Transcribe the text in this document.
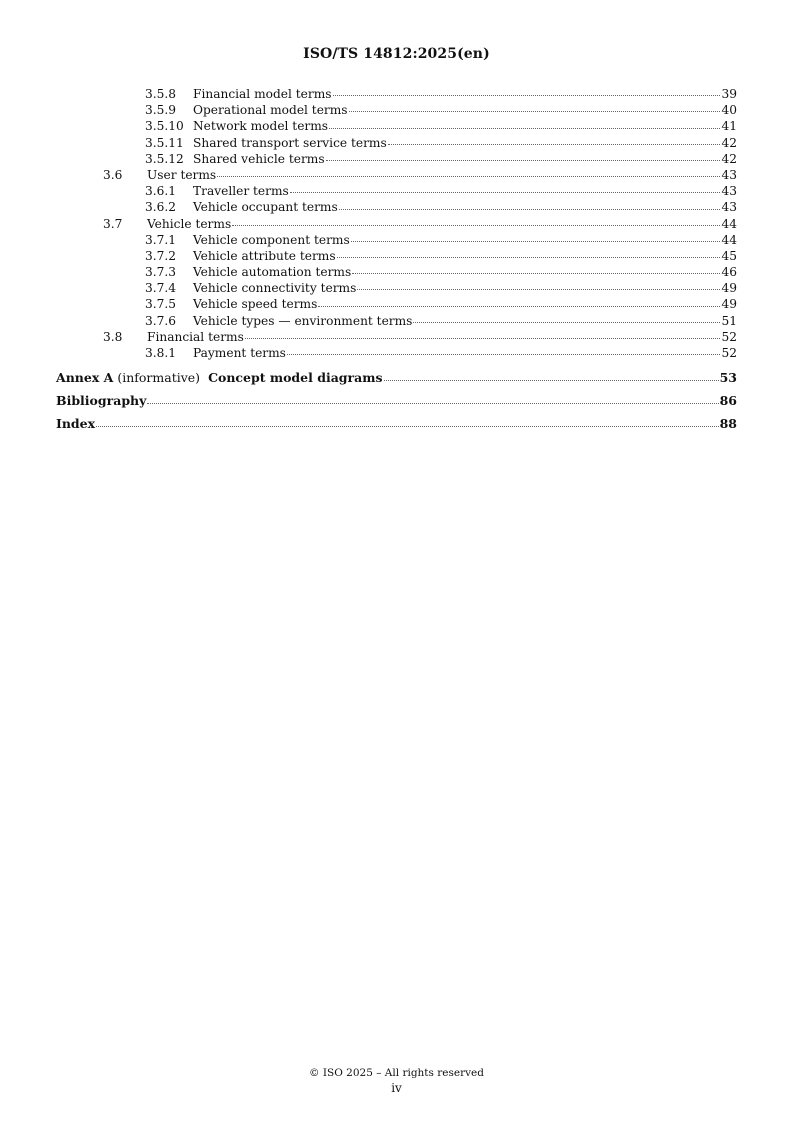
ISO/TS 14812:2025(en)
3.5.8	Financial model terms	39
3.5.9	Operational model terms	40
3.5.10 Network model terms	41
3.5.11 Shared transport service terms	42
3.5.12 Shared vehicle terms	42
3.6	User terms	43
3.6.1	Traveller terms	43
3.6.2	Vehicle occupant terms	43
3.7	Vehicle terms	44
3.7.1	Vehicle component terms	44
3.7.2	Vehicle attribute terms	45
3.7.3	Vehicle automation terms	46
3.7.4	Vehicle connectivity terms	49
3.7.5	Vehicle speed terms	49
3.7.6	Vehicle types — environment terms	51
3.8	Financial terms	52
3.8.1	Payment terms	52
Annex A (informative) Concept model diagrams	53
Bibliography	86
Index	88
© ISO 2025 – All rights reserved
iv
